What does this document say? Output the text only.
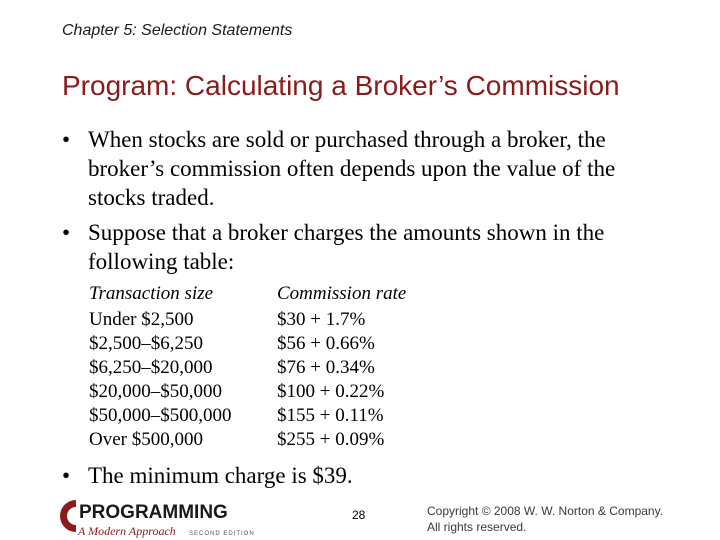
Chapter 5: Selection Statements
Program: Calculating a Broker’s Commission
• When stocks are sold or purchased through a broker, the broker’s commission often depends upon the value of the stocks traded.
• Suppose that a broker charges the amounts shown in the following table:
Transaction size
Under $2,500
$2,500–$6,250
$6,250–$20,000
$20,000–$50,000
$50,000–$500,000
Over $500,000
Commission rate
$30 + 1.7%
$56 + 0.66%
$76 + 0.34%
$100 + 0.22%
$155 + 0.11%
$255 + 0.09%
• The minimum charge is $39.
PROGRAMMING
A Modern Approach SECOND EDITION
28	Copyright © 2008 W. W. Norton & Company.
All rights reserved.
